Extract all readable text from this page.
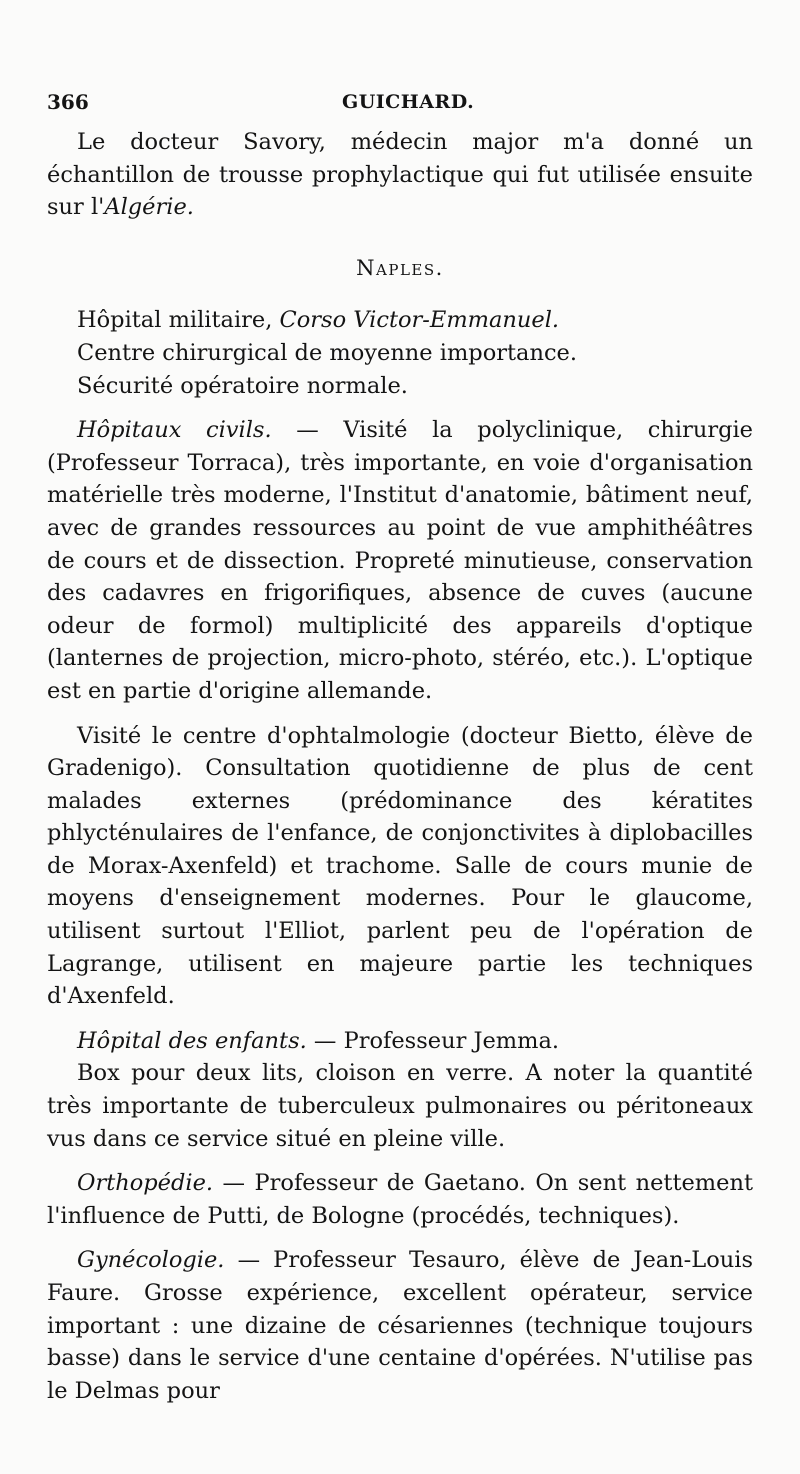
366	GUICHARD.

Le docteur Savory, médecin major m'a donné un échantillon de trousse prophylactique qui fut utilisée ensuite sur l'Algérie.

Naples.

Hôpital militaire, Corso Victor-Emmanuel.
Centre chirurgical de moyenne importance.
Sécurité opératoire normale.

Hôpitaux civils. — Visité la polyclinique, chirurgie (Professeur Torraca), très importante, en voie d'organisation matérielle très moderne, l'Institut d'anatomie, bâtiment neuf, avec de grandes ressources au point de vue amphithéâtres de cours et de dissection. Propreté minutieuse, conservation des cadavres en frigorifiques, absence de cuves (aucune odeur de formol) multiplicité des appareils d'optique (lanternes de projection, micro-photo, stéréo, etc.). L'optique est en partie d'origine allemande.

Visité le centre d'ophtalmologie (docteur Bietto, élève de Gradenigo). Consultation quotidienne de plus de cent malades externes (prédominance des kératites phlycténulaires de l'enfance, de conjonctivites à diplobacilles de Morax-Axenfeld) et trachome. Salle de cours munie de moyens d'enseignement modernes. Pour le glaucome, utilisent surtout l'Elliot, parlent peu de l'opération de Lagrange, utilisent en majeure partie les techniques d'Axenfeld.

Hôpital des enfants. — Professeur Jemma.

Box pour deux lits, cloison en verre. A noter la quantité très importante de tuberculeux pulmonaires ou péritoneaux vus dans ce service situé en pleine ville.

Orthopédie. — Professeur de Gaetano. On sent nettement l'influence de Putti, de Bologne (procédés, techniques).

Gynécologie. — Professeur Tesauro, élève de Jean-Louis Faure. Grosse expérience, excellent opérateur, service important : une dizaine de césariennes (technique toujours basse) dans le service d'une centaine d'opérées. N'utilise pas le Delmas pour
